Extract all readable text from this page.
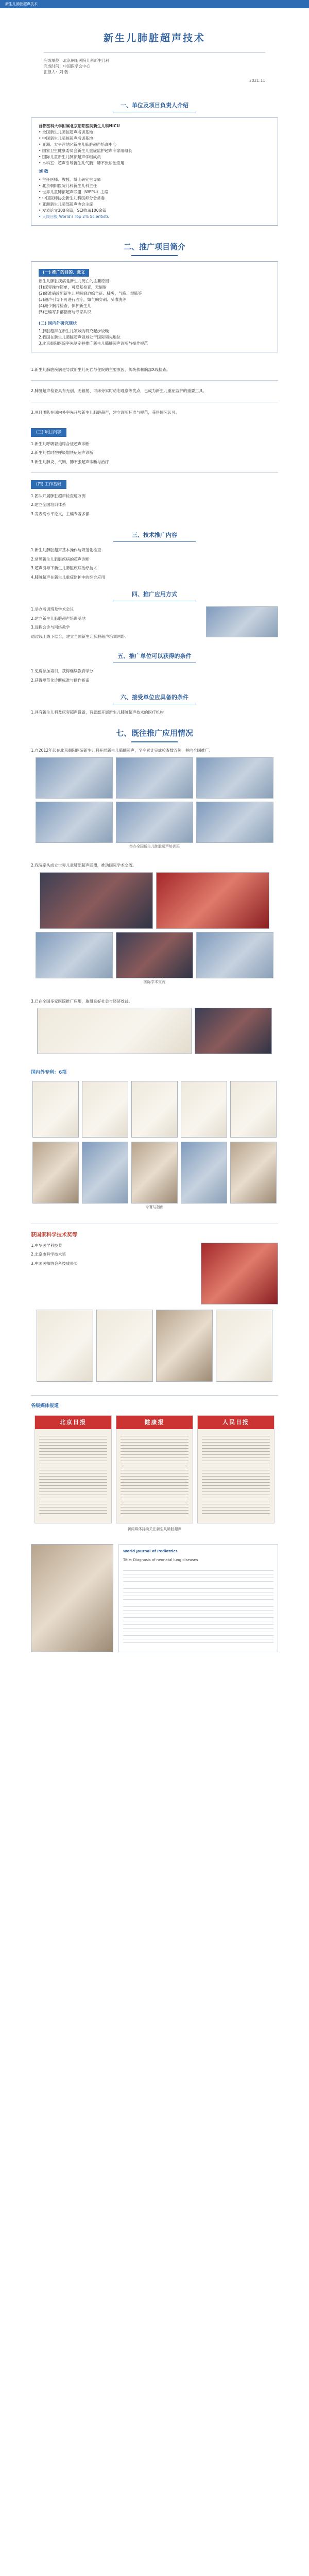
新生儿肺脏超声技术
新生儿肺脏超声技术
完成单位：北京朝阳医院儿科新生儿科
完成时间：中国医学会中心
汇报人：刘 敬
2021.11
一、单位及项目负责人介绍

首都医科大学附属北京朝阳医院新生儿科NICU

• 全国新生儿肺脏超声培训基地

• 中国新生儿肺脏超声培训基地

• 亚洲、太平洋地区新生儿肺脏超声培训中心

• 国家卫生健康委员会新生儿重症监护超声专家组组长

• 国际儿童新生儿肺部超声学组成员

• 本科室：超声引导新生儿气胸、肺不张诊治应用

刘 敬

• 主任医师、教授、博士研究生导师

• 北京朝阳医院儿科新生儿科主任

• 世界儿童肺部超声联盟（WFPU）主席

• 中国医师协会新生儿科医师分会常委

• 亚洲新生儿肺部超声协会主席

• 发表论文300余篇，SCI收录100余篇

• 人民日报 World's Top 2% Scientists

二、推广项目简介
(一) 推广的目的、意义

新生儿肺脏疾病是新生儿死亡的主要原因

(1)床旁操作简单，可反复检查，无辐射

(2)能准确诊断新生儿呼吸窘迫综合征、肺炎、气胸、湿肺等

(3)超声引导下可进行治疗，如气胸穿刺、肺灌洗等

(4)减少胸片检查，保护新生儿

(5)已编写多部指南与专家共识

(二) 国内外研究现状

1.肺脏超声在新生儿领域的研究起步较晚

2.我国在新生儿肺脏超声领域处于国际领先地位

3.北京朝阳医院率先制定并推广新生儿肺脏超声诊断与操作规范

1.新生儿肺脏疾病是导致新生儿死亡与住院的主要原因，传统依赖胸部X线检查。

2.肺脏超声检查具有无创、无辐射、可床旁实时动态观察等优点，已成为新生儿重症监护的重要工具。

3.项目团队在国内外率先开展新生儿肺脏超声，建立诊断标准与规范，获得国际认可。

(三) 项目内容

1.新生儿呼吸窘迫综合征超声诊断

2.新生儿暂时性呼吸增快症超声诊断

3.新生儿肺炎、气胸、肺不张超声诊断与治疗

(四) 工作基础

1.团队开展肺脏超声检查逾万例

2.建立全国培训体系

3.发表高水平论文，主编专著多部

三、技术推广内容

1.新生儿肺脏超声基本操作与规范化检查

2.常见新生儿肺脏疾病的超声诊断

3.超声引导下新生儿肺脏疾病治疗技术

4.肺脏超声在新生儿重症监护中的综合应用

四、推广应用方式

1.举办培训班及学术会议

2.建立新生儿肺脏超声培训基地

3.远程会诊与网络教学

通过线上线下结合，建立全国新生儿肺脏超声培训网络。

五、推广单位可以获得的条件

1.免费参加培训，获得继续教育学分

2.获得规范化诊断标准与操作指南

六、接受单位应具备的条件

1.具有新生儿科及床旁超声设备，有意愿开展新生儿肺脏超声技术的医疗机构

七、既往推广应用情况

1.自2012年起在北京朝阳医院新生儿科开展新生儿肺脏超声，至今累计完成检查数万例，并向全国推广。

举办全国新生儿肺脏超声培训班

2.我院牵头成立世界儿童肺部超声联盟，推动国际学术交流。

国际学术交流

3.已在全国多家医院推广应用，取得良好社会与经济效益。

国内外专利：6项
专著与指南
获国家科学技术奖等

1.中华医学科技奖

2.北京市科学技术奖

3.中国医师协会科技成果奖

各级媒体报道
北京日报	健康报	人民日报
新闻媒体持续关注新生儿肺脏超声
World Journal of Pediatrics
Title: Diagnosis of neonatal lung diseases
